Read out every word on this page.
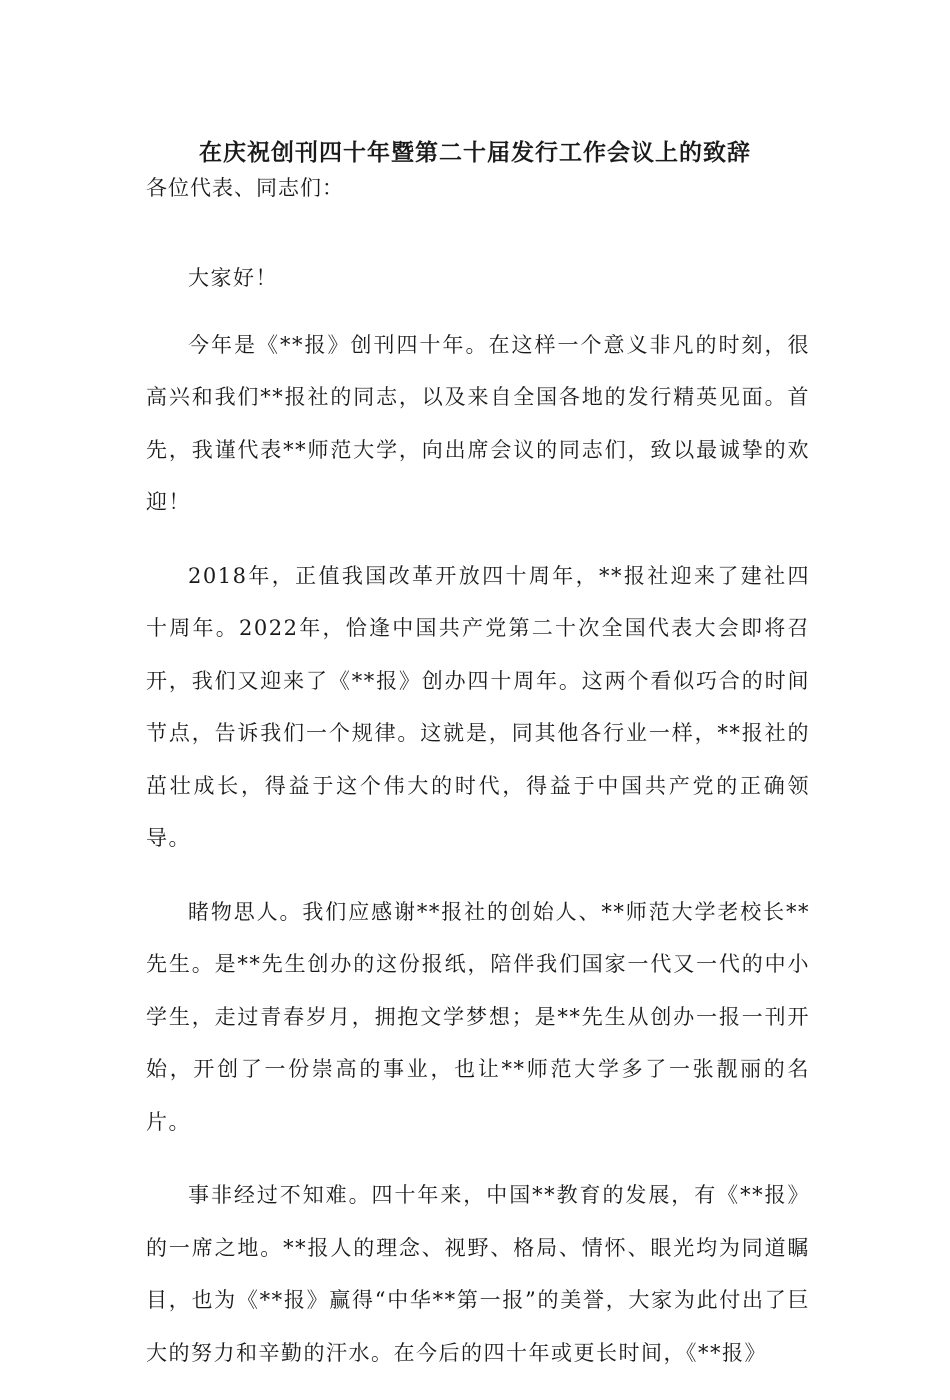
在庆祝创刊四十年暨第二十届发行工作会议上的致辞
各位代表、同志们：

大家好！

今年是《**报》创刊四十年。在这样一个意义非凡的时刻，很高兴和我们**报社的同志，以及来自全国各地的发行精英见面。首先，我谨代表**师范大学，向出席会议的同志们，致以最诚挚的欢迎！

2018年，正值我国改革开放四十周年，**报社迎来了建社四十周年。2022年，恰逢中国共产党第二十次全国代表大会即将召开，我们又迎来了《**报》创办四十周年。这两个看似巧合的时间节点，告诉我们一个规律。这就是，同其他各行业一样，**报社的茁壮成长，得益于这个伟大的时代，得益于中国共产党的正确领导。

睹物思人。我们应感谢**报社的创始人、**师范大学老校长**先生。是**先生创办的这份报纸，陪伴我们国家一代又一代的中小学生，走过青春岁月，拥抱文学梦想；是**先生从创办一报一刊开始，开创了一份崇高的事业，也让**师范大学多了一张靓丽的名片。

事非经过不知难。四十年来，中国**教育的发展，有《**报》的一席之地。**报人的理念、视野、格局、情怀、眼光均为同道瞩目，也为《**报》赢得“中华**第一报”的美誉，大家为此付出了巨大的努力和辛勤的汗水。在今后的四十年或更长时间，《**报》
